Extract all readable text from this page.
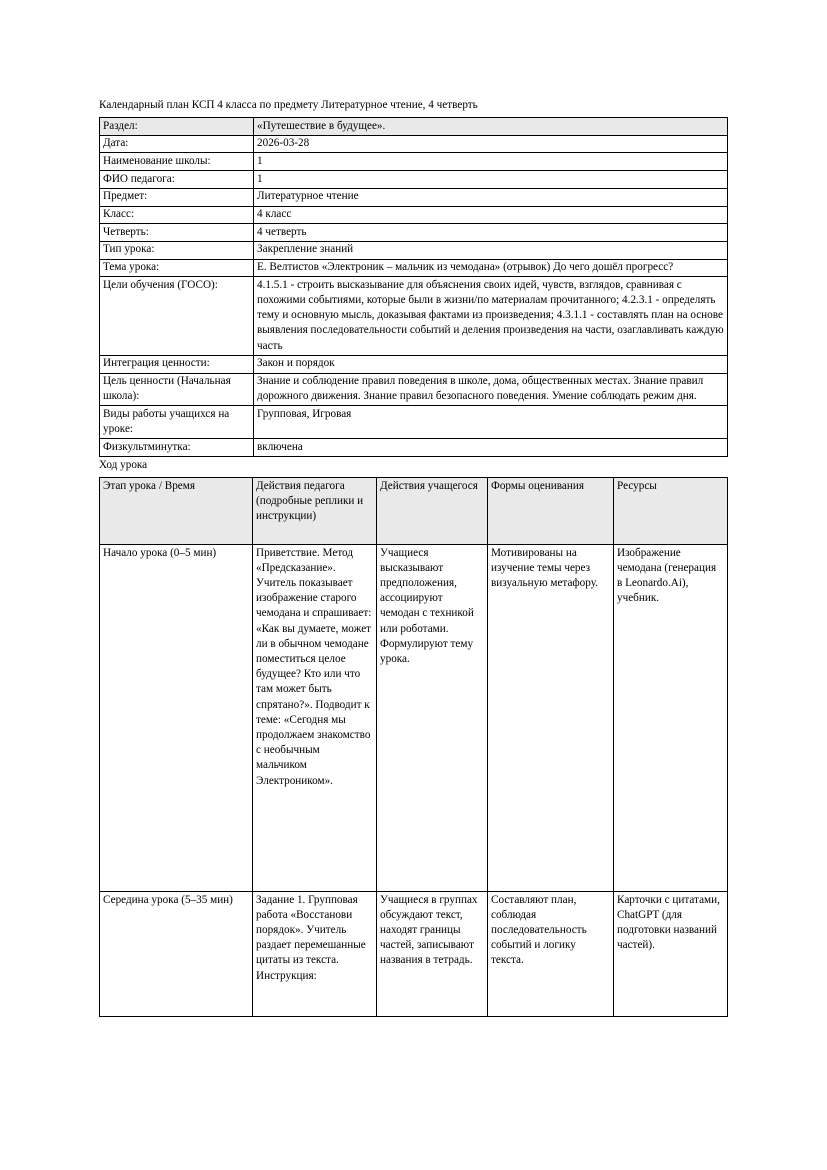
Календарный план КСП 4 класса по предмету Литературное чтение, 4 четверть

Раздел:	«Путешествие в будущее».
Дата:	2026-03-28
Наименование школы:	1
ФИО педагога:	1
Предмет:	Литературное чтение
Класс:	4 класс
Четверть:	4 четверть
Тип урока:	Закрепление знаний
Тема урока:	Е. Велтистов «Электроник – мальчик из чемодана» (отрывок) До чего дошёл прогресс?
Цели обучения (ГОСО):	4.1.5.1 - строить высказывание для объяснения своих идей, чувств, взглядов, сравнивая с похожими событиями, которые были в жизни/по материалам прочитанного; 4.2.3.1 - определять тему и основную мысль, доказывая фактами из произведения; 4.3.1.1 - составлять план на основе выявления последовательности событий и деления произведения на части, озаглавливать каждую часть
Интеграция ценности:	Закон и порядок
Цель ценности (Начальная школа):	Знание и соблюдение правил поведения в школе, дома, общественных местах. Знание правил дорожного движения. Знание правил безопасного поведения. Умение соблюдать режим дня.
Виды работы учащихся на уроке:	Групповая, Игровая
Физкультминутка:	включена

Ход урока

Этап урока / Время	Действия педагога (подробные реплики и инструкции)	Действия учащегося	Формы оценивания	Ресурсы
Начало урока (0–5 мин)	Приветствие. Метод «Предсказание». Учитель показывает изображение старого чемодана и спрашивает: «Как вы думаете, может ли в обычном чемодане поместиться целое будущее? Кто или что там может быть спрятано?». Подводит к теме: «Сегодня мы продолжаем знакомство с необычным мальчиком Электроником».	Учащиеся высказывают предположения, ассоциируют чемодан с техникой или роботами. Формулируют тему урока.	Мотивированы на изучение темы через визуальную метафору.	Изображение чемодана (генерация в Leonardo.Ai), учебник.
Середина урока (5–35 мин)	Задание 1. Групповая работа «Восстанови порядок». Учитель раздает перемешанные цитаты из текста. Инструкция:	Учащиеся в группах обсуждают текст, находят границы частей, записывают названия в тетрадь.	Составляют план, соблюдая последовательность событий и логику текста.	Карточки с цитатами, ChatGPT (для подготовки названий частей).
